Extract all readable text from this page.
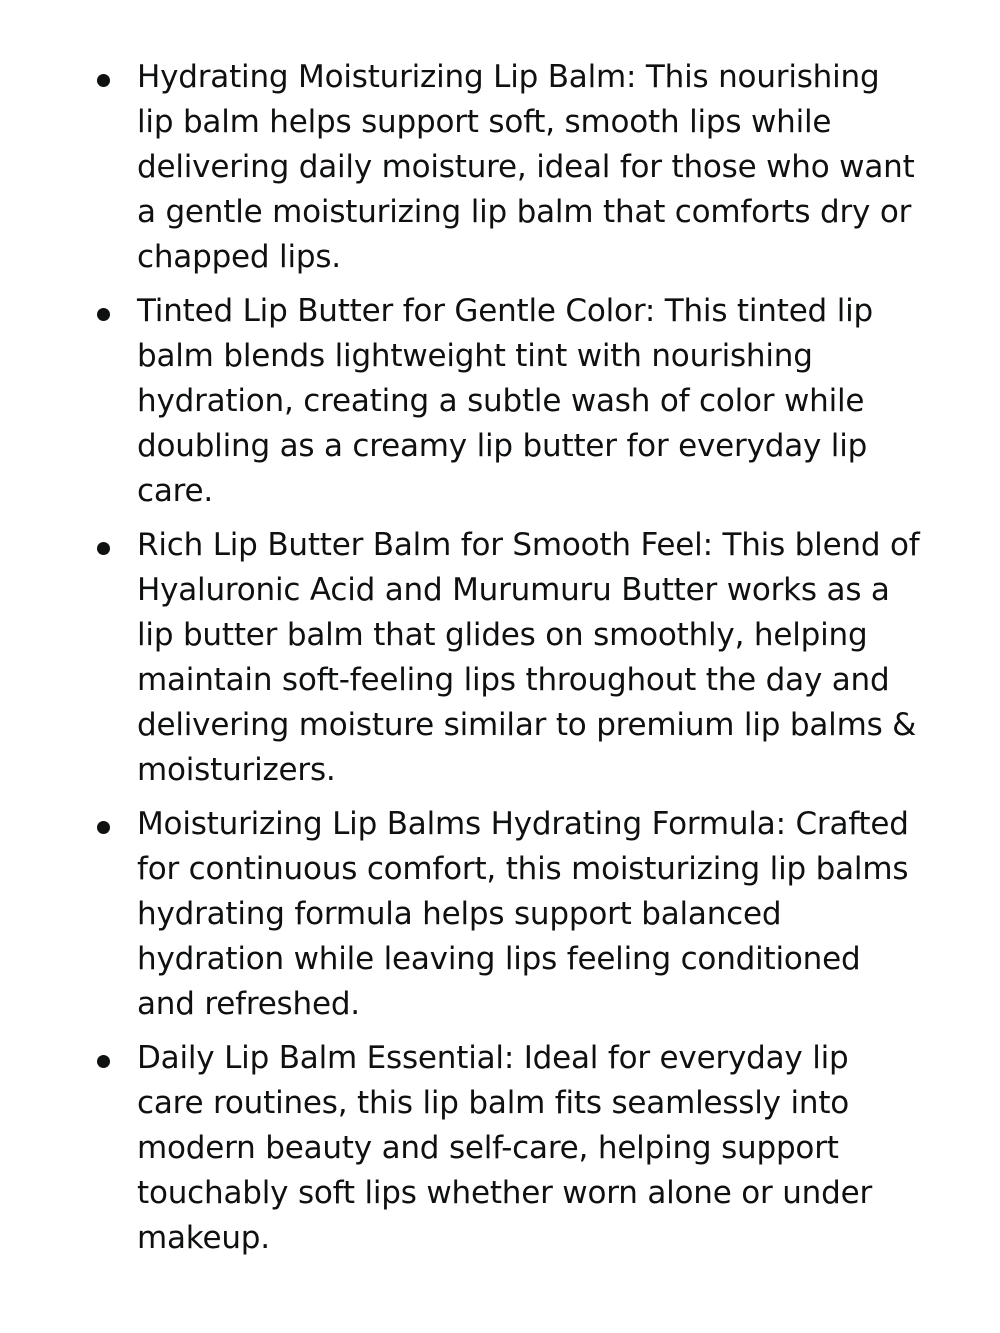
Hydrating Moisturizing Lip Balm: This nourishing lip balm helps support soft, smooth lips while delivering daily moisture, ideal for those who want a gentle moisturizing lip balm that comforts dry or chapped lips.
Tinted Lip Butter for Gentle Color: This tinted lip balm blends lightweight tint with nourishing hydration, creating a subtle wash of color while doubling as a creamy lip butter for everyday lip care.
Rich Lip Butter Balm for Smooth Feel: This blend of Hyaluronic Acid and Murumuru Butter works as a lip butter balm that glides on smoothly, helping maintain soft-feeling lips throughout the day and delivering moisture similar to premium lip balms & moisturizers.
Moisturizing Lip Balms Hydrating Formula: Crafted for continuous comfort, this moisturizing lip balms hydrating formula helps support balanced hydration while leaving lips feeling conditioned and refreshed.
Daily Lip Balm Essential: Ideal for everyday lip care routines, this lip balm fits seamlessly into modern beauty and self-care, helping support touchably soft lips whether worn alone or under makeup.
